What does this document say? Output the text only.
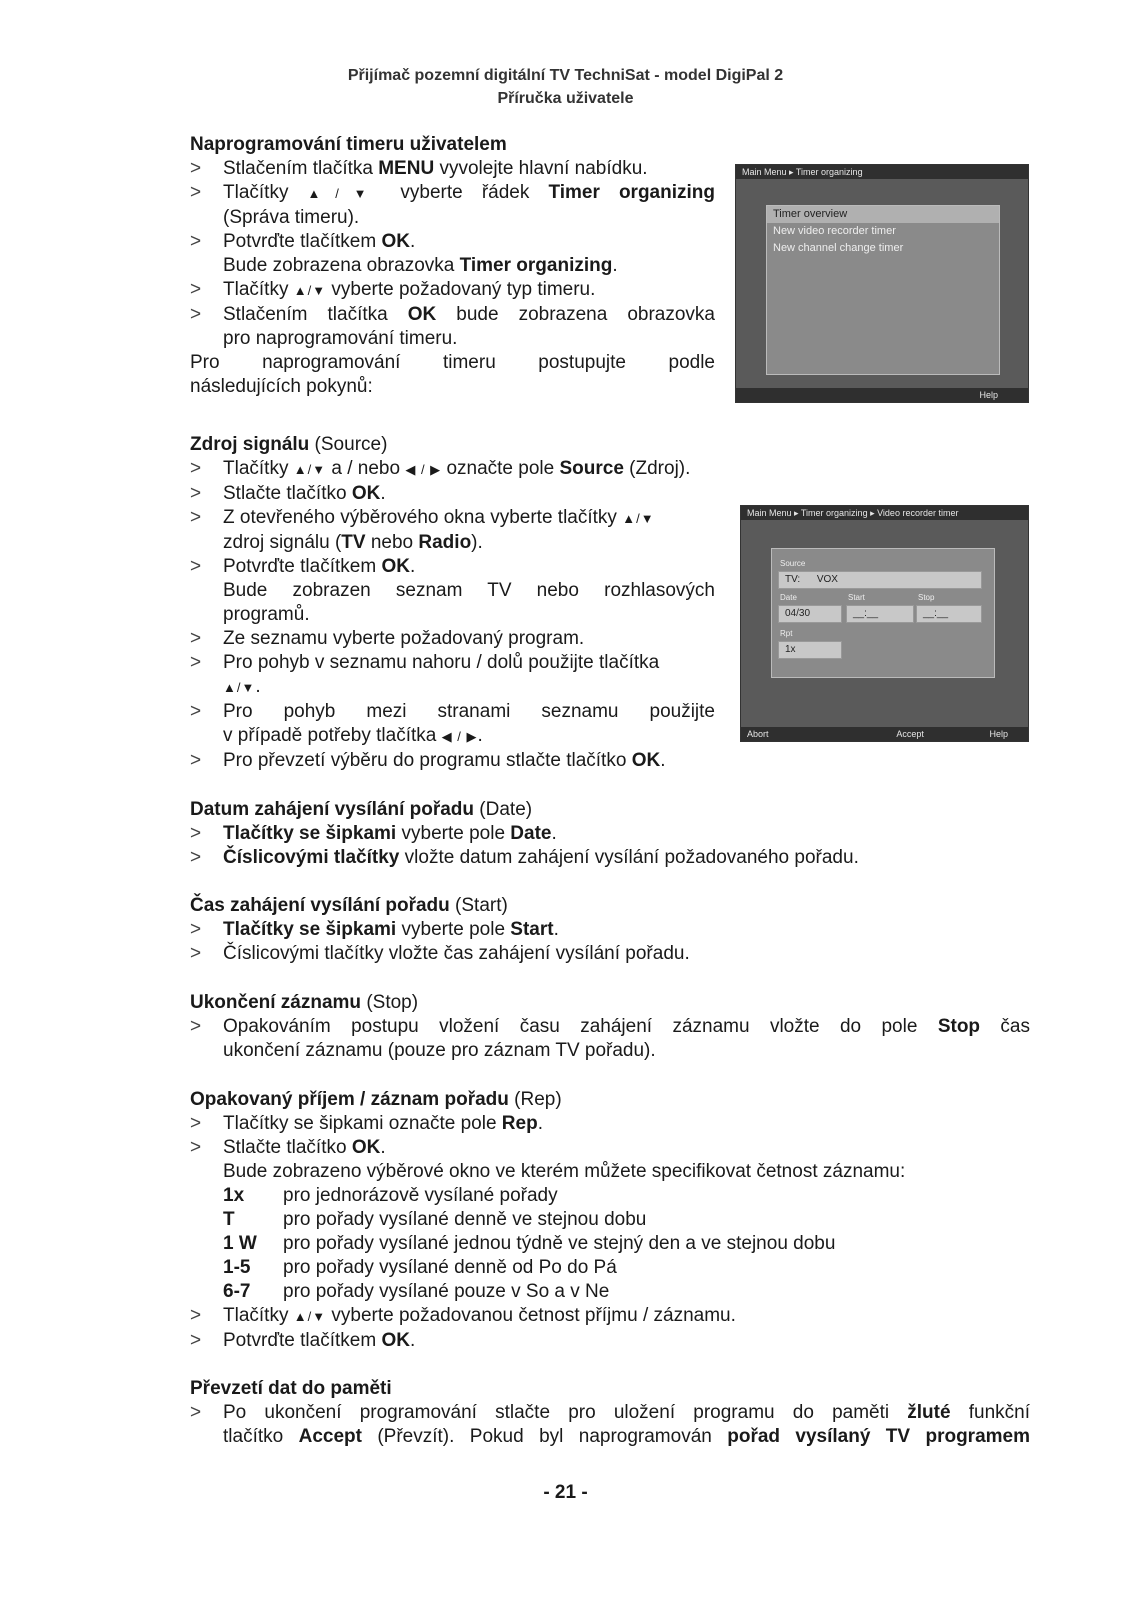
Přijímač pozemní digitální TV TechniSat - model DigiPal 2
Příručka uživatele
Naprogramování timeru uživatelem
> Stlačením tlačítka MENU vyvolejte hlavní nabídku.
> Tlačítky ▲/▼ vyberte řádek Timer organizing
(Správa timeru).
> Potvrďte tlačítkem OK.
Bude zobrazena obrazovka Timer organizing.
> Tlačítky ▲/▼ vyberte požadovaný typ timeru.
> Stlačením tlačítka OK bude zobrazena obrazovka
pro naprogramování timeru.
Pro naprogramování timeru postupujte podle
následujících pokynů:
Main Menu ▸ Timer organizing
Timer overview
New video recorder timer
New channel change timer
Help
Zdroj signálu (Source)
> Tlačítky ▲/▼ a / nebo ◀ / ▶ označte pole Source (Zdroj).
> Stlačte tlačítko OK.
> Z otevřeného výběrového okna vyberte tlačítky ▲/▼
zdroj signálu (TV nebo Radio).
> Potvrďte tlačítkem OK.
Bude zobrazen seznam TV nebo rozhlasových
programů.
> Ze seznamu vyberte požadovaný program.
> Pro pohyb v seznamu nahoru / dolů použijte tlačítka
▲/▼.
> Pro pohyb mezi stranami seznamu použijte
v případě potřeby tlačítka ◀ / ▶.
> Pro převzetí výběru do programu stlačte tlačítko OK.
Main Menu ▸ Timer organizing ▸ Video recorder timer
Source
TV: VOX
Date	Start	Stop
04/30	__:__	__:__
Rpt
1x
Abort	Accept	Help
Datum zahájení vysílání pořadu (Date)
> Tlačítky se šipkami vyberte pole Date.
> Číslicovými tlačítky vložte datum zahájení vysílání požadovaného pořadu.
Čas zahájení vysílání pořadu (Start)
> Tlačítky se šipkami vyberte pole Start.
> Číslicovými tlačítky vložte čas zahájení vysílání pořadu.
Ukončení záznamu (Stop)
> Opakováním postupu vložení času zahájení záznamu vložte do pole Stop čas
ukončení záznamu (pouze pro záznam TV pořadu).
Opakovaný příjem / záznam pořadu (Rep)
> Tlačítky se šipkami označte pole Rep.
> Stlačte tlačítko OK.
Bude zobrazeno výběrové okno ve kterém můžete specifikovat četnost záznamu:
1x	pro jednorázově vysílané pořady
T	pro pořady vysílané denně ve stejnou dobu
1 W	pro pořady vysílané jednou týdně ve stejný den a ve stejnou dobu
1-5	pro pořady vysílané denně od Po do Pá
6-7	pro pořady vysílané pouze v So a v Ne
> Tlačítky ▲/▼ vyberte požadovanou četnost příjmu / záznamu.
> Potvrďte tlačítkem OK.
Převzetí dat do paměti
> Po ukončení programování stlačte pro uložení programu do paměti žluté funkční
tlačítko Accept (Převzít). Pokud byl naprogramován pořad vysílaný TV programem
- 21 -
